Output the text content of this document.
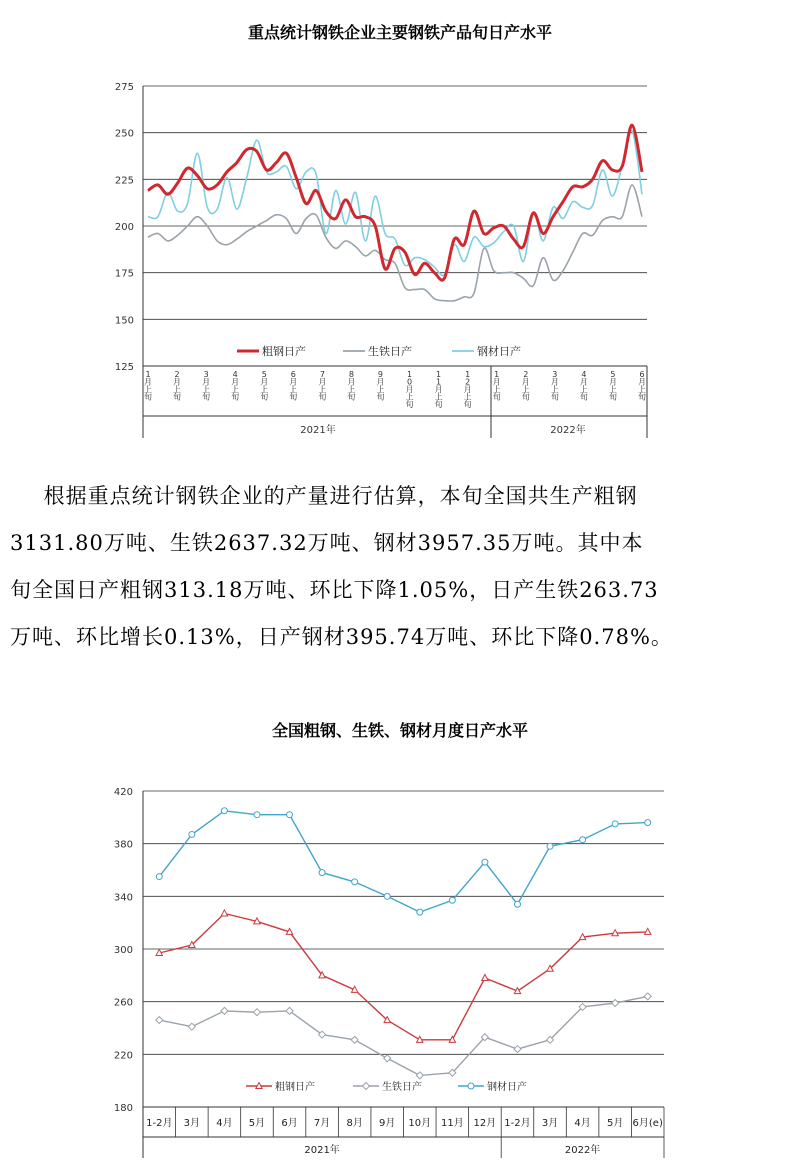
重点统计钢铁企业主要钢铁产品旬日产水平
125
150
175
200
225
250
275
1
月
上
旬
2
月
上
旬
3
月
上
旬
4
月
上
旬
5
月
上
旬
6
月
上
旬
7
月
上
旬
8
月
上
旬
9
月
上
旬
1
0
月
上
旬
1
1
月
上
旬
1
2
月
上
旬
1
月
上
旬
2
月
上
旬
3
月
上
旬
4
月
上
旬
5
月
上
旬
6
月
上
旬
2021年	2022年
粗钢日产	生铁日产	钢材日产

根据重点统计钢铁企业的产量进行估算，本旬全国共生产粗钢

3131.80万吨、生铁2637.32万吨、钢材3957.35万吨。其中本

旬全国日产粗钢313.18万吨、环比下降1.05%，日产生铁263.73

万吨、环比增长0.13%，日产钢材395.74万吨、环比下降0.78%。

全国粗钢、生铁、钢材月度日产水平
180
220
260
300
340
380
420
1-2月 3月 4月 5月 6月 7月 8月 9月 10月 11月 12月 1-2月 3月 4月 5月 6月(e)
2021年	2022年
粗钢日产	生铁日产	钢材日产
